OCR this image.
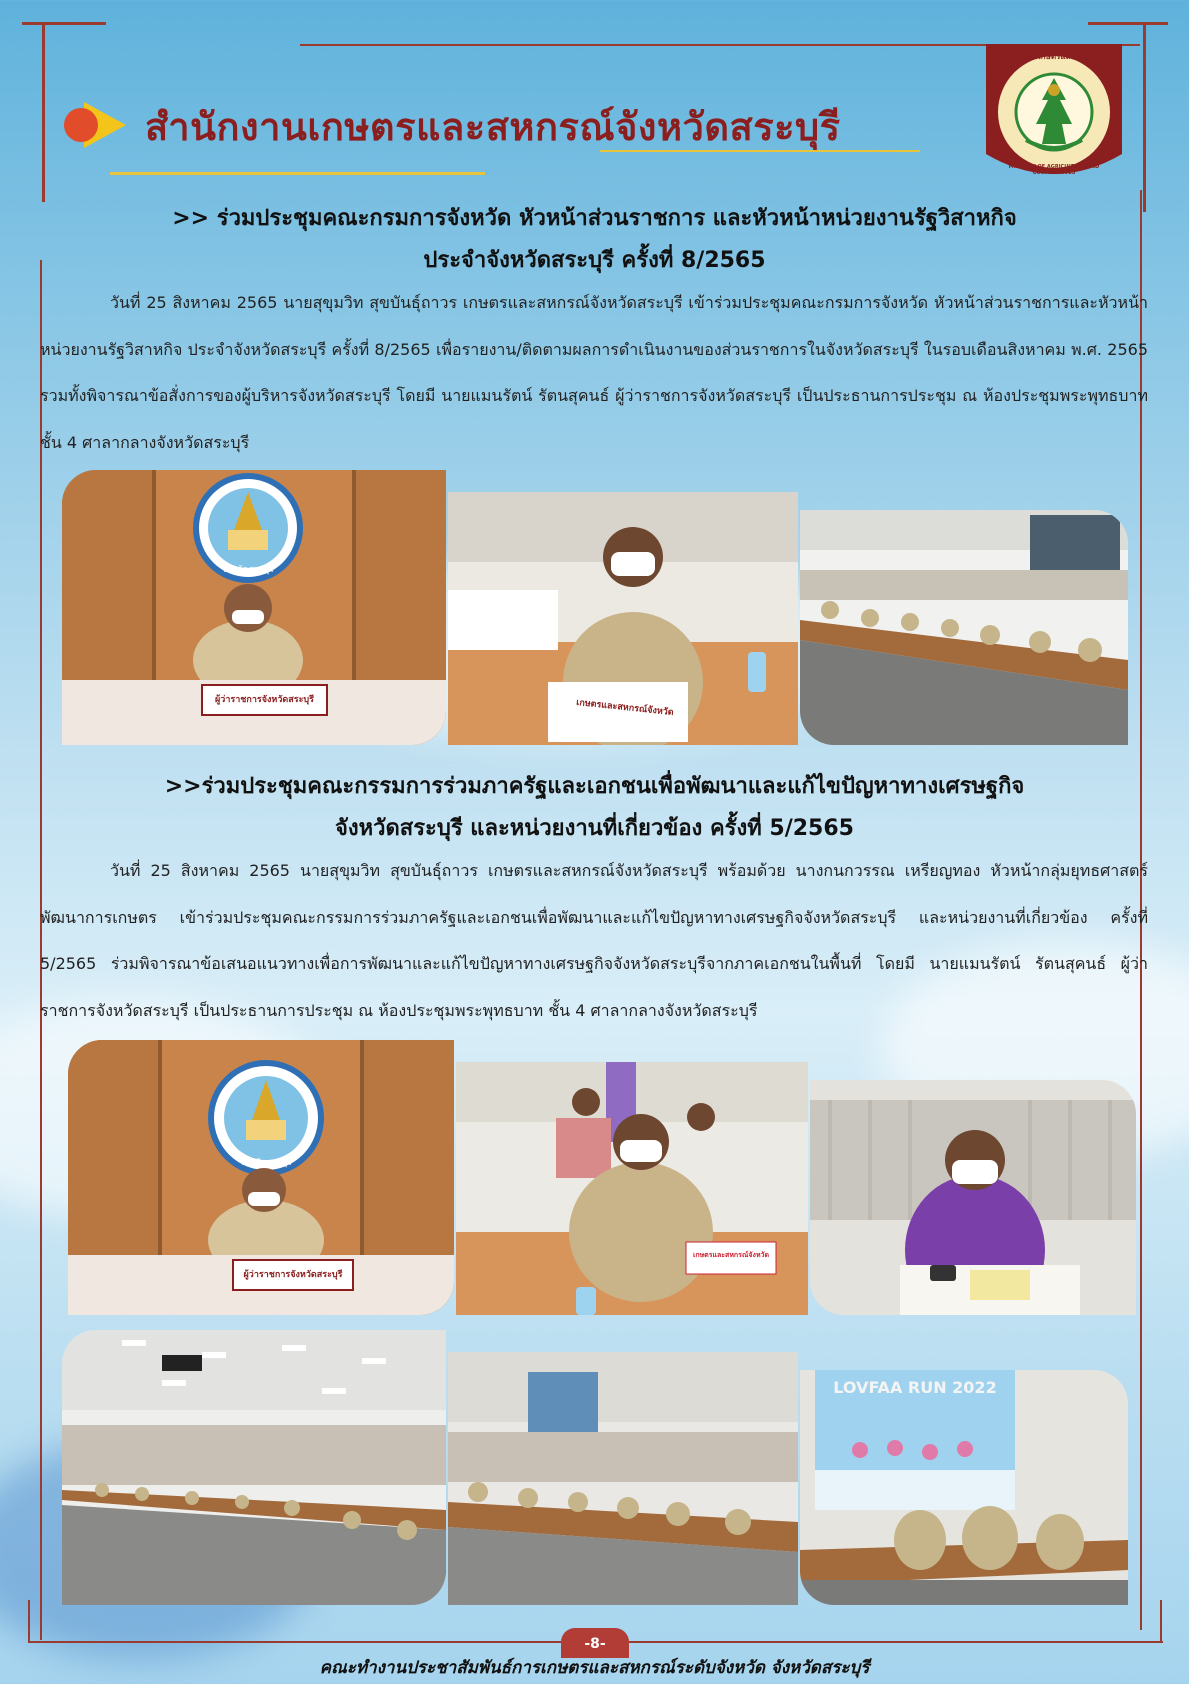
สำนักงานเกษตรและสหกรณ์จังหวัดสระบุรี
กระทรวงเกษตรและสหกรณ์
MINISTRY OF AGRICULTURE AND COOPERATIVES
>> ร่วมประชุมคณะกรมการจังหวัด หัวหน้าส่วนราชการ และหัวหน้าหน่วยงานรัฐวิสาหกิจ
ประจำจังหวัดสระบุรี ครั้งที่ 8/2565
วันที่ 25 สิงหาคม 2565 นายสุขุมวิท สุขบันธุ์ถาวร เกษตรและสหกรณ์จังหวัดสระบุรี เข้าร่วมประชุมคณะกรมการจังหวัด หัวหน้าส่วนราชการและหัวหน้าหน่วยงานรัฐวิสาหกิจ ประจำจังหวัดสระบุรี ครั้งที่ 8/2565 เพื่อรายงาน/ติดตามผลการดำเนินงานของส่วนราชการในจังหวัดสระบุรี ในรอบเดือนสิงหาคม พ.ศ. 2565 รวมทั้งพิจารณาข้อสั่งการของผู้บริหารจังหวัดสระบุรี โดยมี นายแมนรัตน์ รัตนสุคนธ์ ผู้ว่าราชการจังหวัดสระบุรี เป็นประธานการประชุม ณ ห้องประชุมพระพุทธบาท ชั้น 4 ศาลากลางจังหวัดสระบุรี
จังหวัดสระบุรี
ผู้ว่าราชการจังหวัดสระบุรี	เกษตรและสหกรณ์จังหวัด
>>ร่วมประชุมคณะกรรมการร่วมภาครัฐและเอกชนเพื่อพัฒนาและแก้ไขปัญหาทางเศรษฐกิจ
จังหวัดสระบุรี และหน่วยงานที่เกี่ยวข้อง ครั้งที่ 5/2565
วันที่ 25 สิงหาคม 2565 นายสุขุมวิท สุขบันธุ์ถาวร เกษตรและสหกรณ์จังหวัดสระบุรี พร้อมด้วย นางกนกวรรณ เหรียญทอง หัวหน้ากลุ่มยุทธศาสตร์พัฒนาการเกษตร เข้าร่วมประชุมคณะกรรมการร่วมภาครัฐและเอกชนเพื่อพัฒนาและแก้ไขปัญหาทางเศรษฐกิจจังหวัดสระบุรี และหน่วยงานที่เกี่ยวข้อง ครั้งที่ 5/2565 ร่วมพิจารณาข้อเสนอแนวทางเพื่อการพัฒนาและแก้ไขปัญหาทางเศรษฐกิจจังหวัดสระบุรีจากภาคเอกชนในพื้นที่ โดยมี นายแมนรัตน์ รัตนสุคนธ์ ผู้ว่าราชการจังหวัดสระบุรี เป็นประธานการประชุม ณ ห้องประชุมพระพุทธบาท ชั้น 4 ศาลากลางจังหวัดสระบุรี
จังหวัดสระบุรี
ผู้ว่าราชการจังหวัดสระบุรี
เกษตรและสหกรณ์จังหวัด
LOVFAA RUN 2022
-8-
คณะทำงานประชาสัมพันธ์การเกษตรและสหกรณ์ระดับจังหวัด จังหวัดสระบุรี
